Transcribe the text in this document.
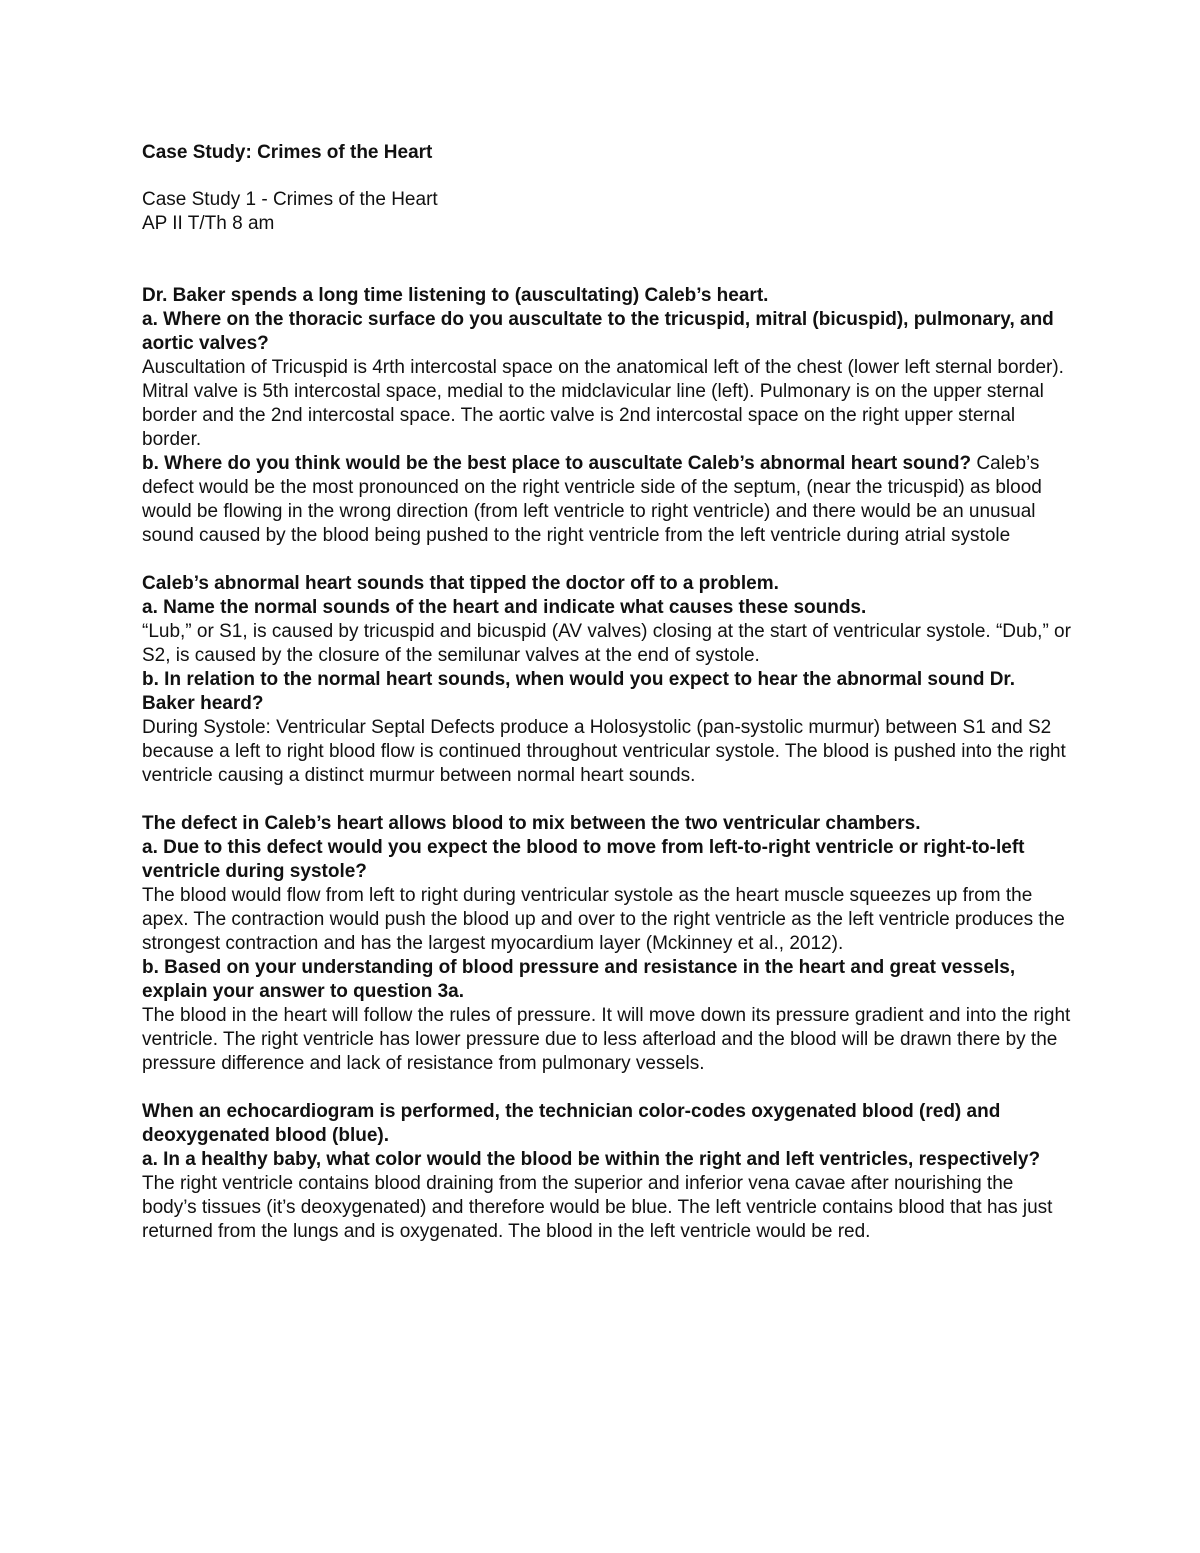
Case Study: Crimes of the Heart

Case Study 1 - Crimes of the Heart
AP II T/Th 8 am

Dr. Baker spends a long time listening to (auscultating) Caleb’s heart.

a. Where on the thoracic surface do you auscultate to the tricuspid, mitral (bicuspid), pulmonary, and aortic valves?

Auscultation of Tricuspid is 4rth intercostal space on the anatomical left of the chest (lower left sternal border). Mitral valve is 5th intercostal space, medial to the midclavicular line (left). Pulmonary is on the upper sternal border and the 2nd intercostal space. The aortic valve is 2nd intercostal space on the right upper sternal border.

b. Where do you think would be the best place to auscultate Caleb’s abnormal heart sound? Caleb’s defect would be the most pronounced on the right ventricle side of the septum, (near the tricuspid) as blood would be flowing in the wrong direction (from left ventricle to right ventricle) and there would be an unusual sound caused by the blood being pushed to the right ventricle from the left ventricle during atrial systole

Caleb’s abnormal heart sounds that tipped the doctor off to a problem.

a. Name the normal sounds of the heart and indicate what causes these sounds.

“Lub,” or S1, is caused by tricuspid and bicuspid (AV valves) closing at the start of ventricular systole. “Dub,” or S2, is caused by the closure of the semilunar valves at the end of systole.

b. In relation to the normal heart sounds, when would you expect to hear the abnormal sound Dr. Baker heard?

During Systole: Ventricular Septal Defects produce a Holosystolic (pan-systolic murmur) between S1 and S2 because a left to right blood flow is continued throughout ventricular systole. The blood is pushed into the right ventricle causing a distinct murmur between normal heart sounds.

The defect in Caleb’s heart allows blood to mix between the two ventricular chambers.

a. Due to this defect would you expect the blood to move from left-to-right ventricle or right-to-left ventricle during systole?

The blood would flow from left to right during ventricular systole as the heart muscle squeezes up from the apex. The contraction would push the blood up and over to the right ventricle as the left ventricle produces the strongest contraction and has the largest myocardium layer (Mckinney et al., 2012).

b. Based on your understanding of blood pressure and resistance in the heart and great vessels, explain your answer to question 3a.

The blood in the heart will follow the rules of pressure. It will move down its pressure gradient and into the right ventricle. The right ventricle has lower pressure due to less afterload and the blood will be drawn there by the pressure difference and lack of resistance from pulmonary vessels.

When an echocardiogram is performed, the technician color-codes oxygenated blood (red) and deoxygenated blood (blue).

a. In a healthy baby, what color would the blood be within the right and left ventricles, respectively?

The right ventricle contains blood draining from the superior and inferior vena cavae after nourishing the body’s tissues (it’s deoxygenated) and therefore would be blue. The left ventricle contains blood that has just returned from the lungs and is oxygenated. The blood in the left ventricle would be red.
